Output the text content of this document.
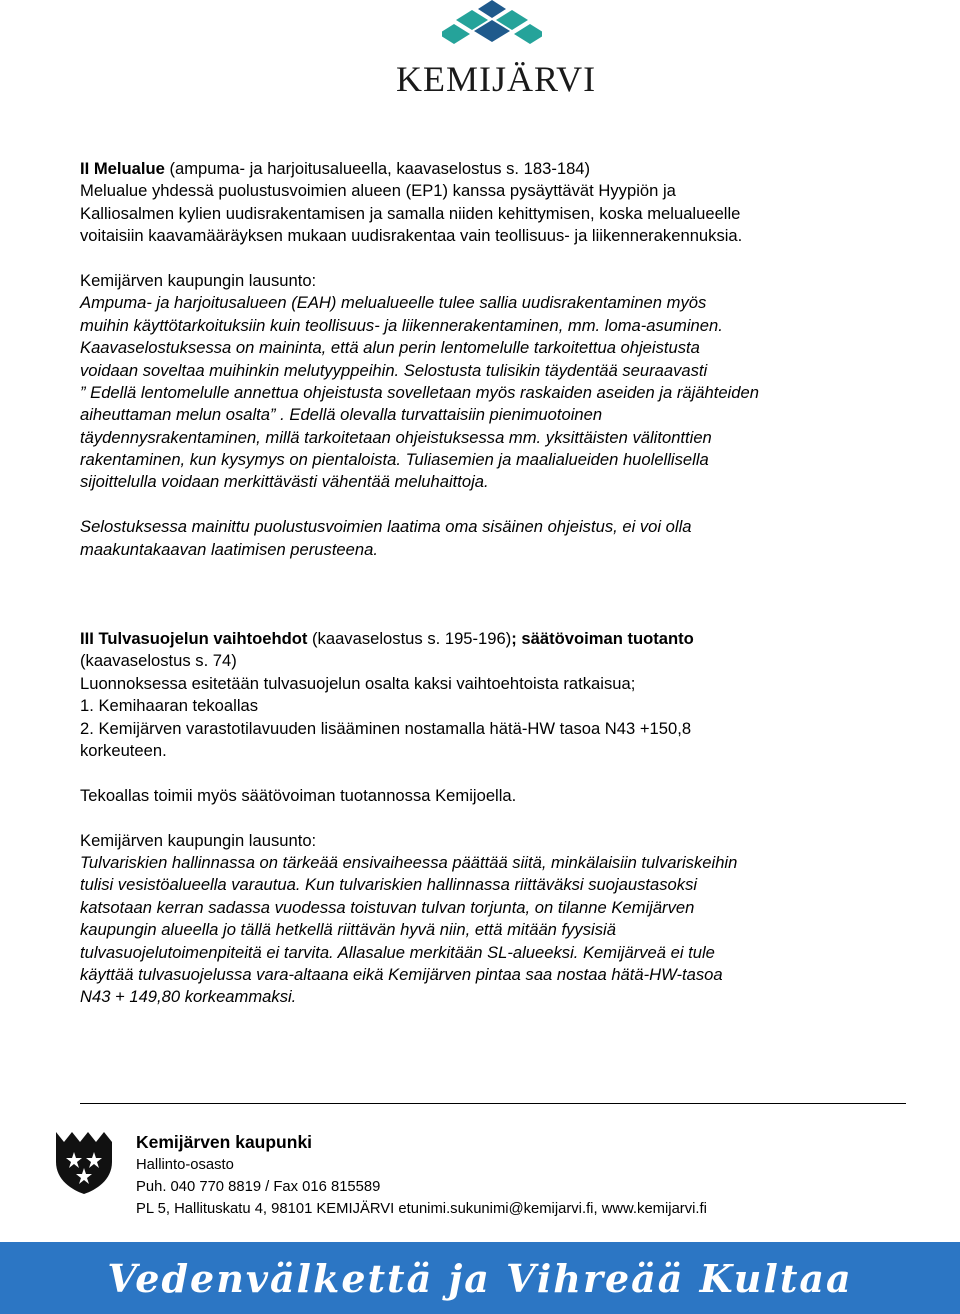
KEMIJÄRVI
II Melualue (ampuma- ja harjoitusalueella, kaavaselostus s. 183-184)
Melualue yhdessä puolustusvoimien alueen (EP1) kanssa pysäyttävät Hyypiön ja
Kalliosalmen kylien uudisrakentamisen ja samalla niiden kehittymisen, koska melualueelle
voitaisiin kaavamääräyksen mukaan uudisrakentaa vain teollisuus- ja liikennerakennuksia.
Kemijärven kaupungin lausunto:
Ampuma- ja harjoitusalueen (EAH) melualueelle tulee sallia uudisrakentaminen myös
muihin käyttötarkoituksiin kuin teollisuus- ja liikennerakentaminen, mm. loma-asuminen.
Kaavaselostuksessa on maininta, että alun perin lentomelulle tarkoitettua ohjeistusta
voidaan soveltaa muihinkin melutyyppeihin. Selostusta tulisikin täydentää seuraavasti
” Edellä lentomelulle annettua ohjeistusta sovelletaan myös raskaiden aseiden ja räjähteiden
aiheuttaman melun osalta” . Edellä olevalla turvattaisiin pienimuotoinen
täydennysrakentaminen, millä tarkoitetaan ohjeistuksessa mm. yksittäisten välitonttien
rakentaminen, kun kysymys on pientaloista. Tuliasemien ja maalialueiden huolellisella
sijoittelulla voidaan merkittävästi vähentää meluhaittoja.
Selostuksessa mainittu puolustusvoimien laatima oma sisäinen ohjeistus, ei voi olla
maakuntakaavan laatimisen perusteena.
III Tulvasuojelun vaihtoehdot (kaavaselostus s. 195-196); säätövoiman tuotanto
(kaavaselostus s. 74)
Luonnoksessa esitetään tulvasuojelun osalta kaksi vaihtoehtoista ratkaisua;
1. Kemihaaran tekoallas
2. Kemijärven varastotilavuuden lisääminen nostamalla hätä-HW tasoa N43 +150,8
korkeuteen.
Tekoallas toimii myös säätövoiman tuotannossa Kemijoella.
Kemijärven kaupungin lausunto:
Tulvariskien hallinnassa on tärkeää ensivaiheessa päättää siitä, minkälaisiin tulvariskeihin
tulisi vesistöalueella varautua. Kun tulvariskien hallinnassa riittäväksi suojaustasoksi
katsotaan kerran sadassa vuodessa toistuvan tulvan torjunta, on tilanne Kemijärven
kaupungin alueella jo tällä hetkellä riittävän hyvä niin, että mitään fyysisiä
tulvasuojelutoimenpiteitä ei tarvita. Allasalue merkitään SL-alueeksi. Kemijärveä ei tule
käyttää tulvasuojelussa vara-altaana eikä Kemijärven pintaa saa nostaa hätä-HW-tasoa
N43 + 149,80 korkeammaksi.
Kemijärven kaupunki
Hallinto-osasto
Puh. 040 770 8819 / Fax 016 815589
PL 5, Hallituskatu 4, 98101 KEMIJÄRVI etunimi.sukunimi@kemijarvi.fi, www.kemijarvi.fi
Vedenvälkettä ja Vihreää Kultaa
